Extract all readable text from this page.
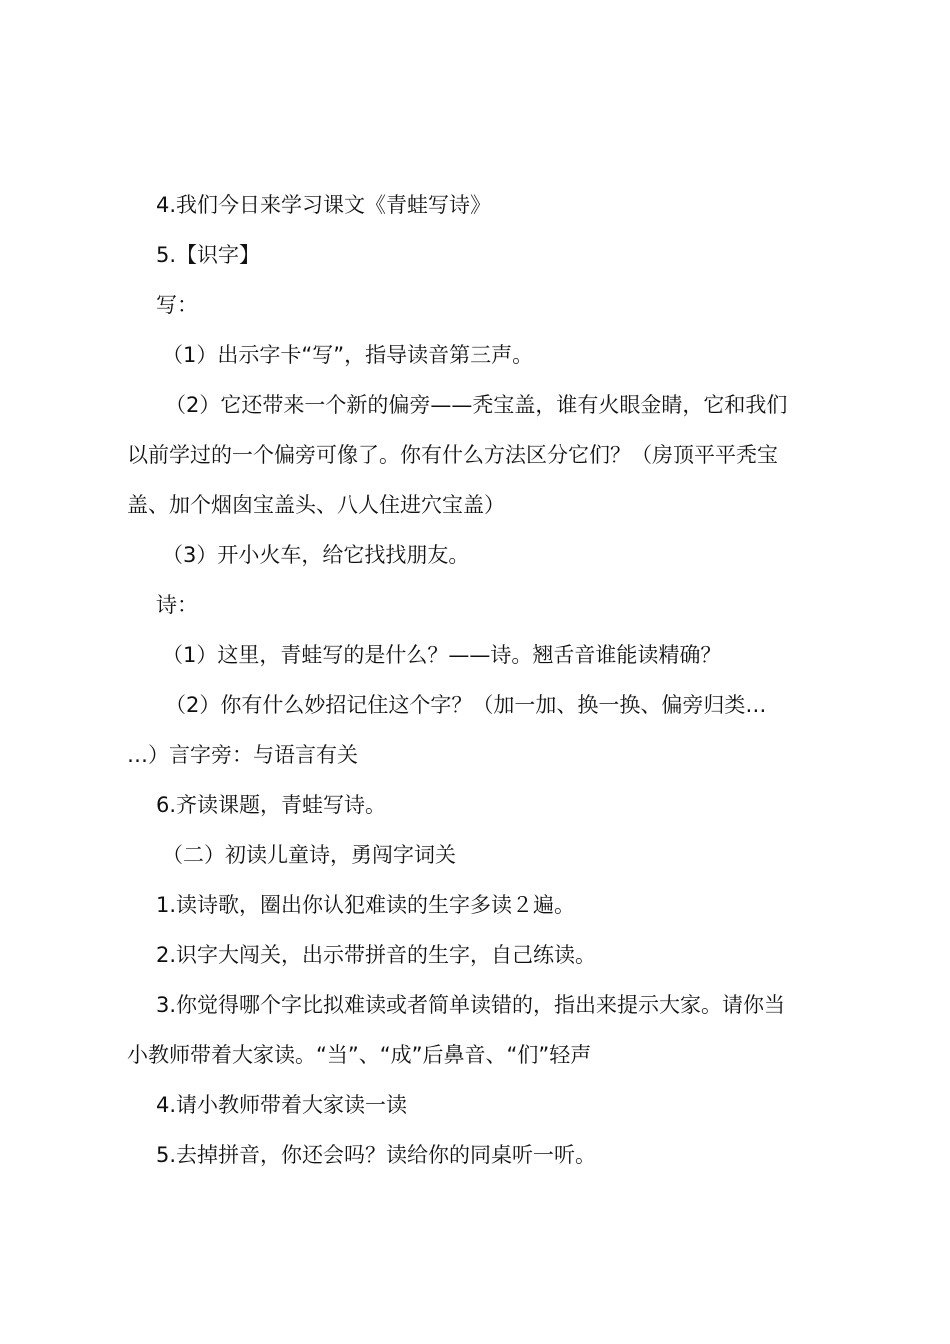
4.我们今日来学习课文《青蛙写诗》

5.【识字】

写：

（1）出示字卡“写”，指导读音第三声。

（2）它还带来一个新的偏旁——秃宝盖，谁有火眼金睛，它和我们

以前学过的一个偏旁可像了。你有什么方法区分它们？（房顶平平秃宝

盖、加个烟囱宝盖头、八人住进穴宝盖）

（3）开小火车，给它找找朋友。

诗：

（1）这里，青蛙写的是什么？——诗。翘舌音谁能读精确？

（2）你有什么妙招记住这个字？（加一加、换一换、偏旁归类…

…）言字旁：与语言有关

6.齐读课题，青蛙写诗。

（二）初读儿童诗，勇闯字词关

1.读诗歌，圈出你认犯难读的生字多读２遍。

2.识字大闯关，出示带拼音的生字，自己练读。

3.你觉得哪个字比拟难读或者简单读错的，指出来提示大家。请你当

小教师带着大家读。“当”、“成”后鼻音、“们”轻声

4.请小教师带着大家读一读

5.去掉拼音，你还会吗？读给你的同桌听一听。
